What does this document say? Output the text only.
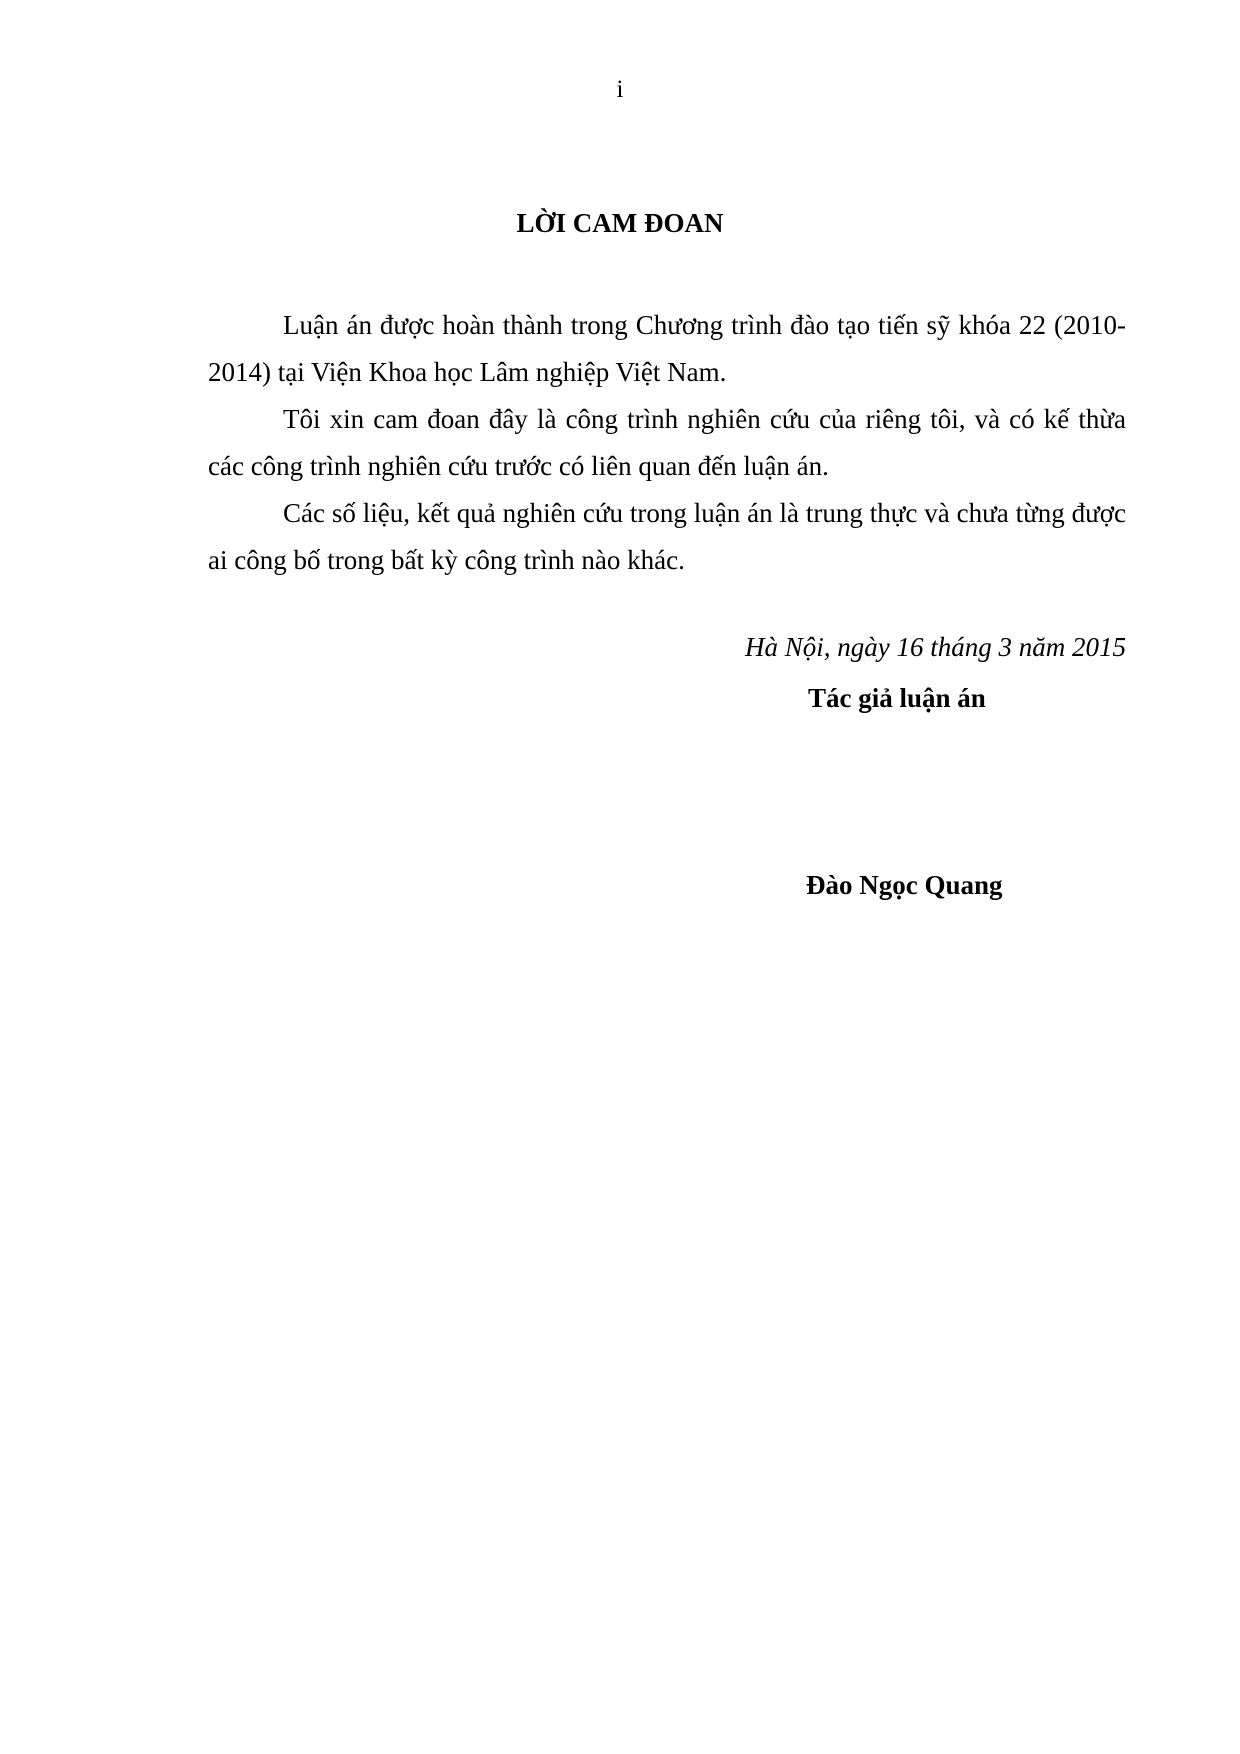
i
LỜI CAM ĐOAN

Luận án được hoàn thành trong Chương trình đào tạo tiến sỹ khóa 22 (2010-2014) tại Viện Khoa học Lâm nghiệp Việt Nam.

Tôi xin cam đoan đây là công trình nghiên cứu của riêng tôi, và có kế thừa các công trình nghiên cứu trước có liên quan đến luận án.

Các số liệu, kết quả nghiên cứu trong luận án là trung thực và chưa từng được ai công bố trong bất kỳ công trình nào khác.

Hà Nội, ngày 16 tháng 3 năm 2015
Tác giả luận án
Đào Ngọc Quang
